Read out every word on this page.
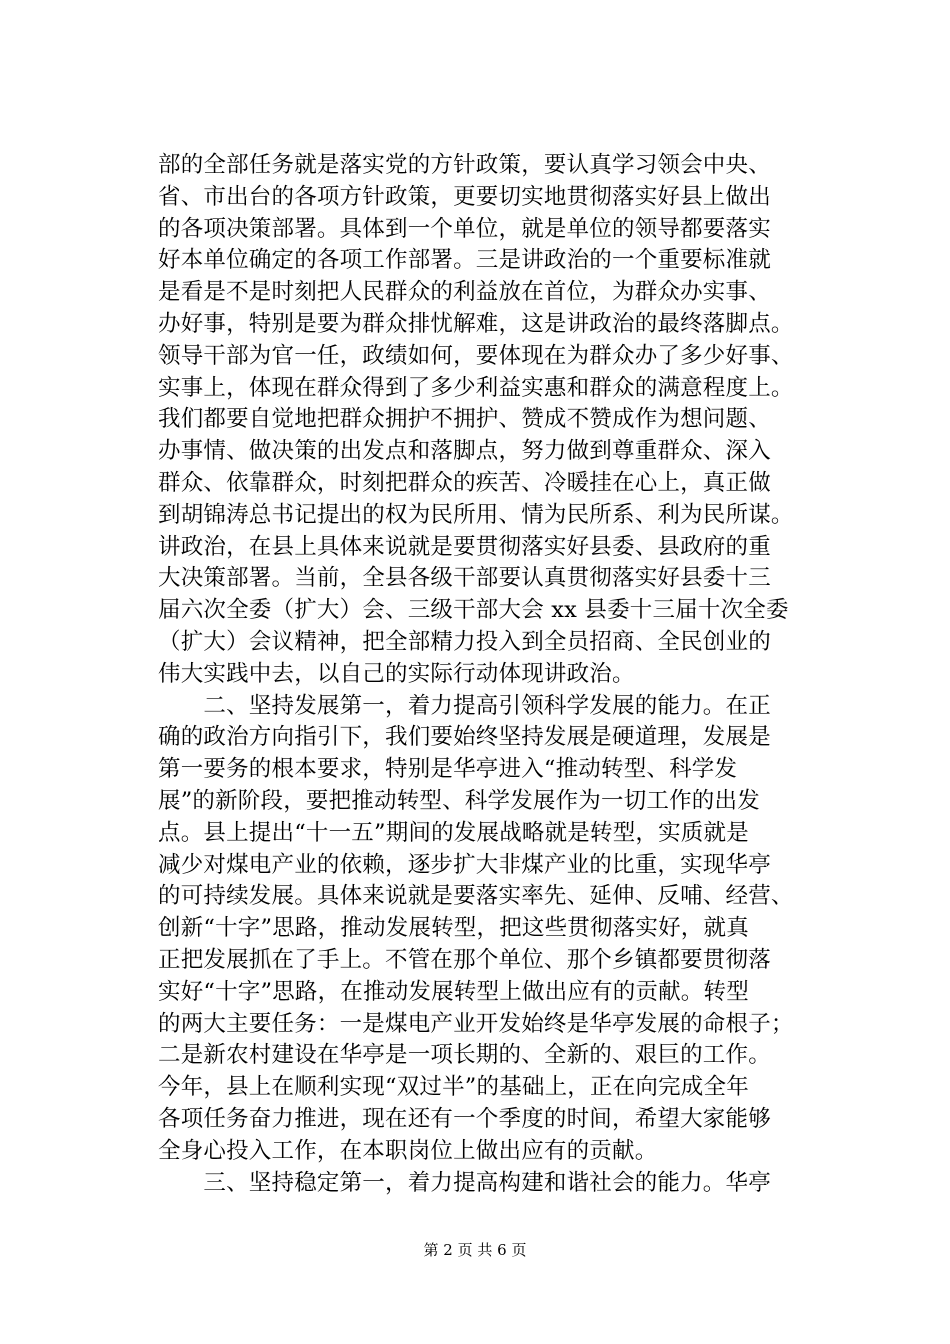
部的全部任务就是落实党的方针政策，要认真学习领会中央、
省、市出台的各项方针政策，更要切实地贯彻落实好县上做出
的各项决策部署。具体到一个单位，就是单位的领导都要落实
好本单位确定的各项工作部署。三是讲政治的一个重要标准就
是看是不是时刻把人民群众的利益放在首位，为群众办实事、
办好事，特别是要为群众排忧解难，这是讲政治的最终落脚点。
领导干部为官一任，政绩如何，要体现在为群众办了多少好事、
实事上，体现在群众得到了多少利益实惠和群众的满意程度上。
我们都要自觉地把群众拥护不拥护、赞成不赞成作为想问题、
办事情、做决策的出发点和落脚点，努力做到尊重群众、深入
群众、依靠群众，时刻把群众的疾苦、冷暖挂在心上，真正做
到胡锦涛总书记提出的权为民所用、情为民所系、利为民所谋。
讲政治，在县上具体来说就是要贯彻落实好县委、县政府的重
大决策部署。当前，全县各级干部要认真贯彻落实好县委十三
届六次全委（扩大）会、三级干部大会 xx 县委十三届十次全委
（扩大）会议精神，把全部精力投入到全员招商、全民创业的
伟大实践中去，以自己的实际行动体现讲政治。
　　二、坚持发展第一，着力提高引领科学发展的能力。在正
确的政治方向指引下，我们要始终坚持发展是硬道理，发展是
第一要务的根本要求，特别是华亭进入“推动转型、科学发
展”的新阶段，要把推动转型、科学发展作为一切工作的出发
点。县上提出“十一五”期间的发展战略就是转型，实质就是
减少对煤电产业的依赖，逐步扩大非煤产业的比重，实现华亭
的可持续发展。具体来说就是要落实率先、延伸、反哺、经营、
创新“十字”思路，推动发展转型，把这些贯彻落实好，就真
正把发展抓在了手上。不管在那个单位、那个乡镇都要贯彻落
实好“十字”思路，在推动发展转型上做出应有的贡献。转型
的两大主要任务：一是煤电产业开发始终是华亭发展的命根子；
二是新农村建设在华亭是一项长期的、全新的、艰巨的工作。
今年，县上在顺利实现“双过半”的基础上，正在向完成全年
各项任务奋力推进，现在还有一个季度的时间，希望大家能够
全身心投入工作，在本职岗位上做出应有的贡献。
　　三、坚持稳定第一，着力提高构建和谐社会的能力。华亭
第 2 页 共 6 页
